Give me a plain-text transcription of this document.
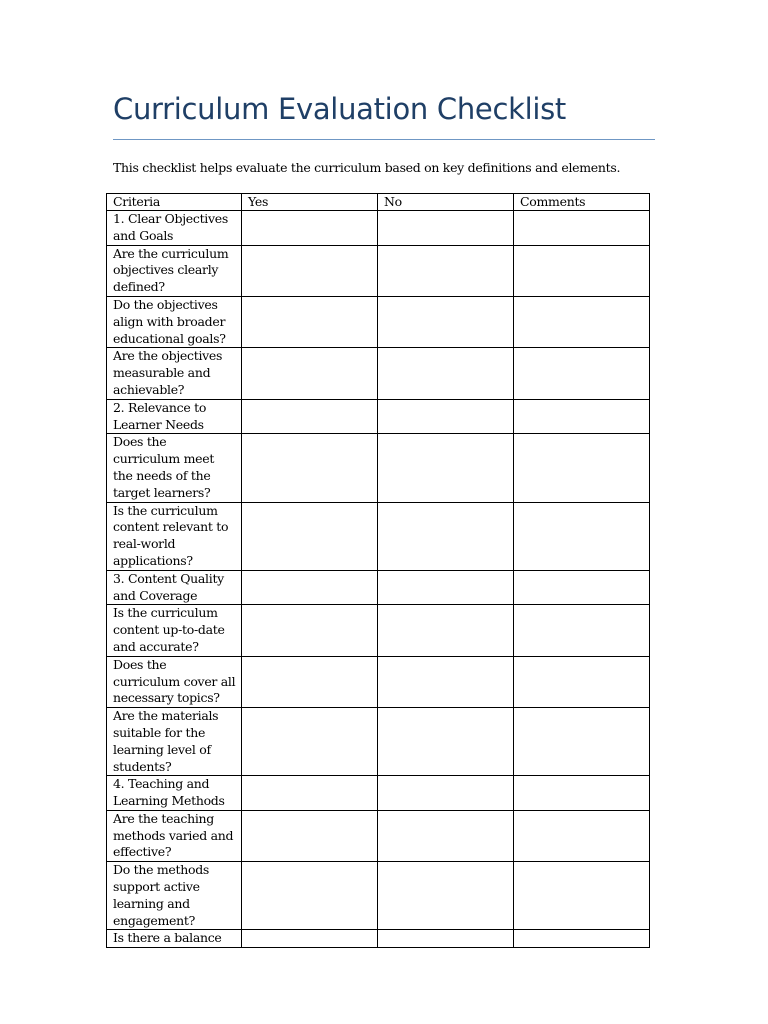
Curriculum Evaluation Checklist
This checklist helps evaluate the curriculum based on key definitions and elements.
Criteria	Yes	No	Comments
1. Clear Objectives and Goals			
Are the curriculum objectives clearly defined?			
Do the objectives align with broader educational goals?			
Are the objectives measurable and achievable?			
2. Relevance to Learner Needs			
Does the curriculum meet the needs of the target learners?			
Is the curriculum content relevant to real-world applications?			
3. Content Quality and Coverage			
Is the curriculum content up-to-date and accurate?			
Does the curriculum cover all necessary topics?			
Are the materials suitable for the learning level of students?			
4. Teaching and Learning Methods			
Are the teaching methods varied and effective?			
Do the methods support active learning and engagement?			
Is there a balance			
